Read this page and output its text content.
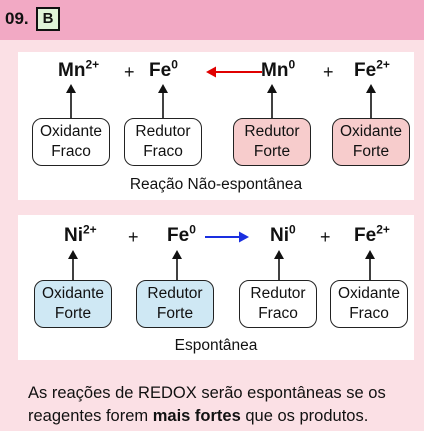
09. B
$Mn^{2+} + Fe^0$	$Mn^0 + Fe^{2+}$
Oxidante
Fraco
Redutor
Fraco
Redutor
Forte
Oxidante
Forte
Reação Não-espontânea
$Ni^{2+} + Fe^0$	$Ni^0 + Fe^{2+}$
Oxidante
Forte
Redutor
Forte
Redutor
Fraco
Oxidante
Fraco
Espontânea
As reações de REDOX serão espontâneas se os reagentes forem mais fortes que os produtos.
